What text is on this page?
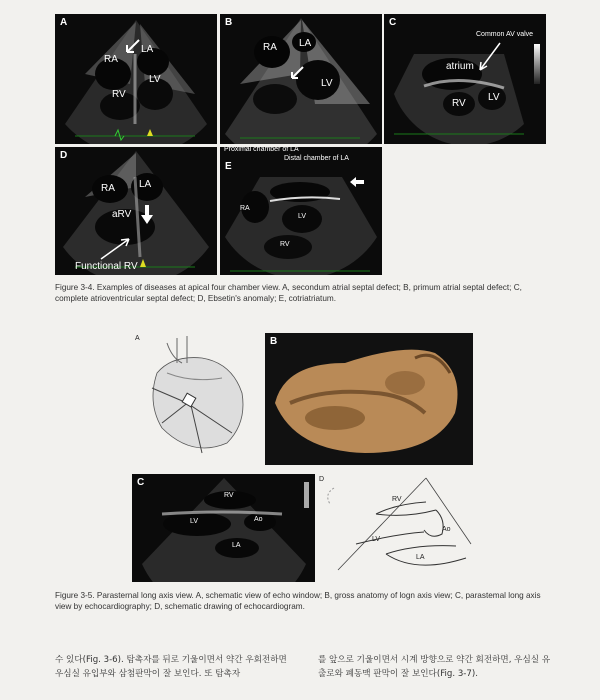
A
LA
RA
LV
RV
B
RA LA
LV
C
Common AV valve
atrium
RV
LV
D
RA LA
aRV
Functional RV
E
Proximal chamber of LA
Distal chamber of LA
RA
LV
RV
Figure 3-4. Examples of diseases at apical four chamber view. A, secondum atrial septal defect; B, primum atrial septal defect; C, complete atrioventricular septal defect; D, Ebsetin's anomaly; E, cotriatriatum.
A	B
C
RV
LV	Ao
LA
D
RV
LV
Ao
LA
Figure 3-5. Parasternal long axis view. A, schematic view of echo window; B, gross anatomy of logn axis view; C, parastemal long axis view by echocardiography; D, schematic drawing of echocardiogram.
수 있다(Fig. 3-6). 탐촉자를 뒤로 기울이면서 약간 우회전하면 우심실 유입부와 삼첨판막이 잘 보인다. 또 탐촉자
를 앞으로 기울이면서 시계 방향으로 약간 회전하면, 우심실 유출로와 폐동맥 판막이 잘 보인다(Fig. 3-7).
